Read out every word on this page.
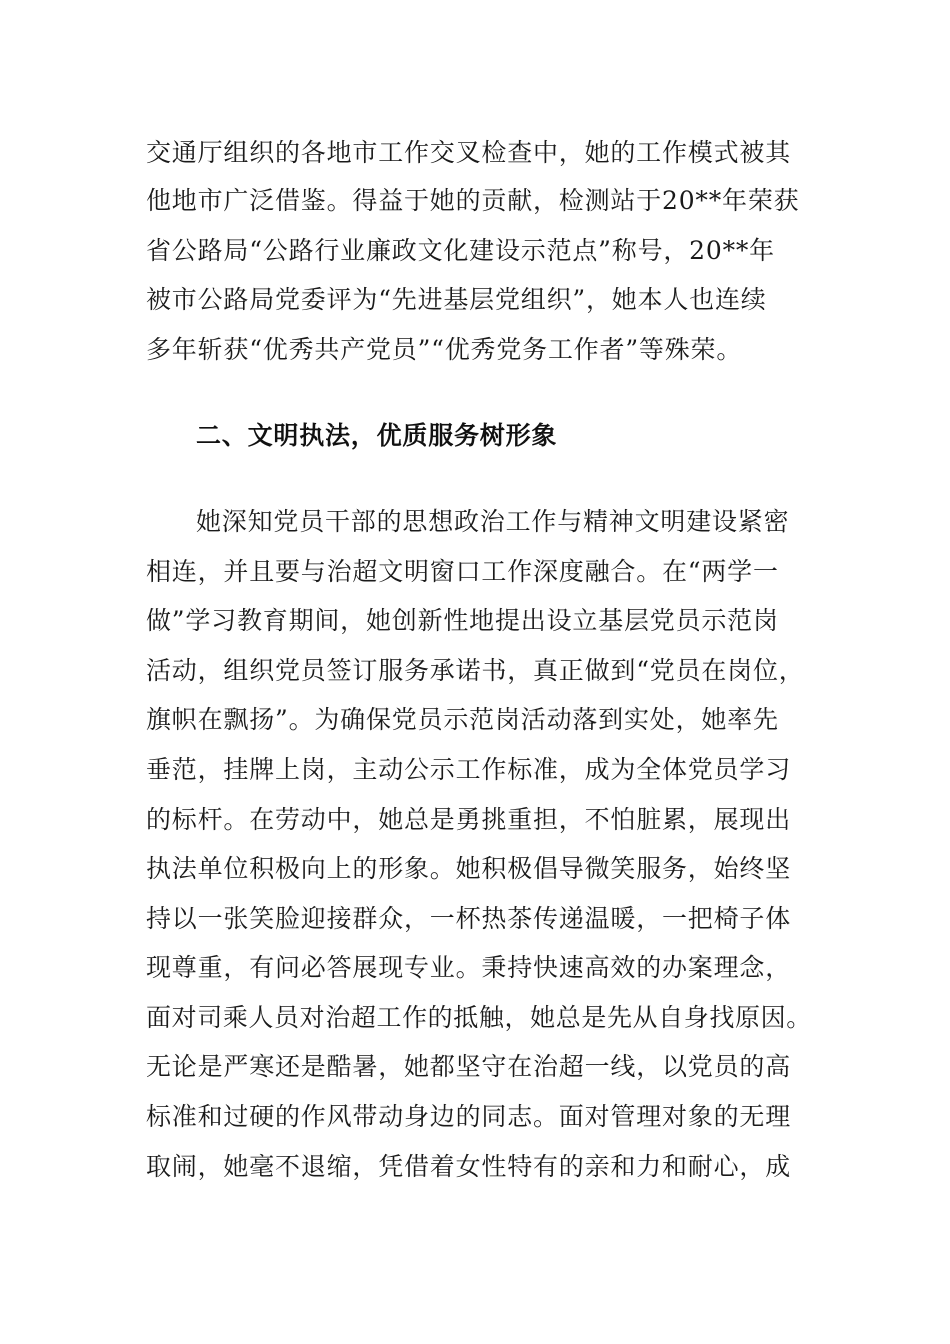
交通厅组织的各地市工作交叉检查中，她的工作模式被其
他地市广泛借鉴。得益于她的贡献，检测站于20**年荣获
省公路局“公路行业廉政文化建设示范点”称号，20**年
被市公路局党委评为“先进基层党组织”，她本人也连续
多年斩获“优秀共产党员”“优秀党务工作者”等殊荣。
二、文明执法，优质服务树形象
她深知党员干部的思想政治工作与精神文明建设紧密
相连，并且要与治超文明窗口工作深度融合。在“两学一
做”学习教育期间，她创新性地提出设立基层党员示范岗
活动，组织党员签订服务承诺书，真正做到“党员在岗位，
旗帜在飘扬”。为确保党员示范岗活动落到实处，她率先
垂范，挂牌上岗，主动公示工作标准，成为全体党员学习
的标杆。在劳动中，她总是勇挑重担，不怕脏累，展现出
执法单位积极向上的形象。她积极倡导微笑服务，始终坚
持以一张笑脸迎接群众，一杯热茶传递温暖，一把椅子体
现尊重，有问必答展现专业。秉持快速高效的办案理念，
面对司乘人员对治超工作的抵触，她总是先从自身找原因。
无论是严寒还是酷暑，她都坚守在治超一线，以党员的高
标准和过硬的作风带动身边的同志。面对管理对象的无理
取闹，她毫不退缩，凭借着女性特有的亲和力和耐心，成
